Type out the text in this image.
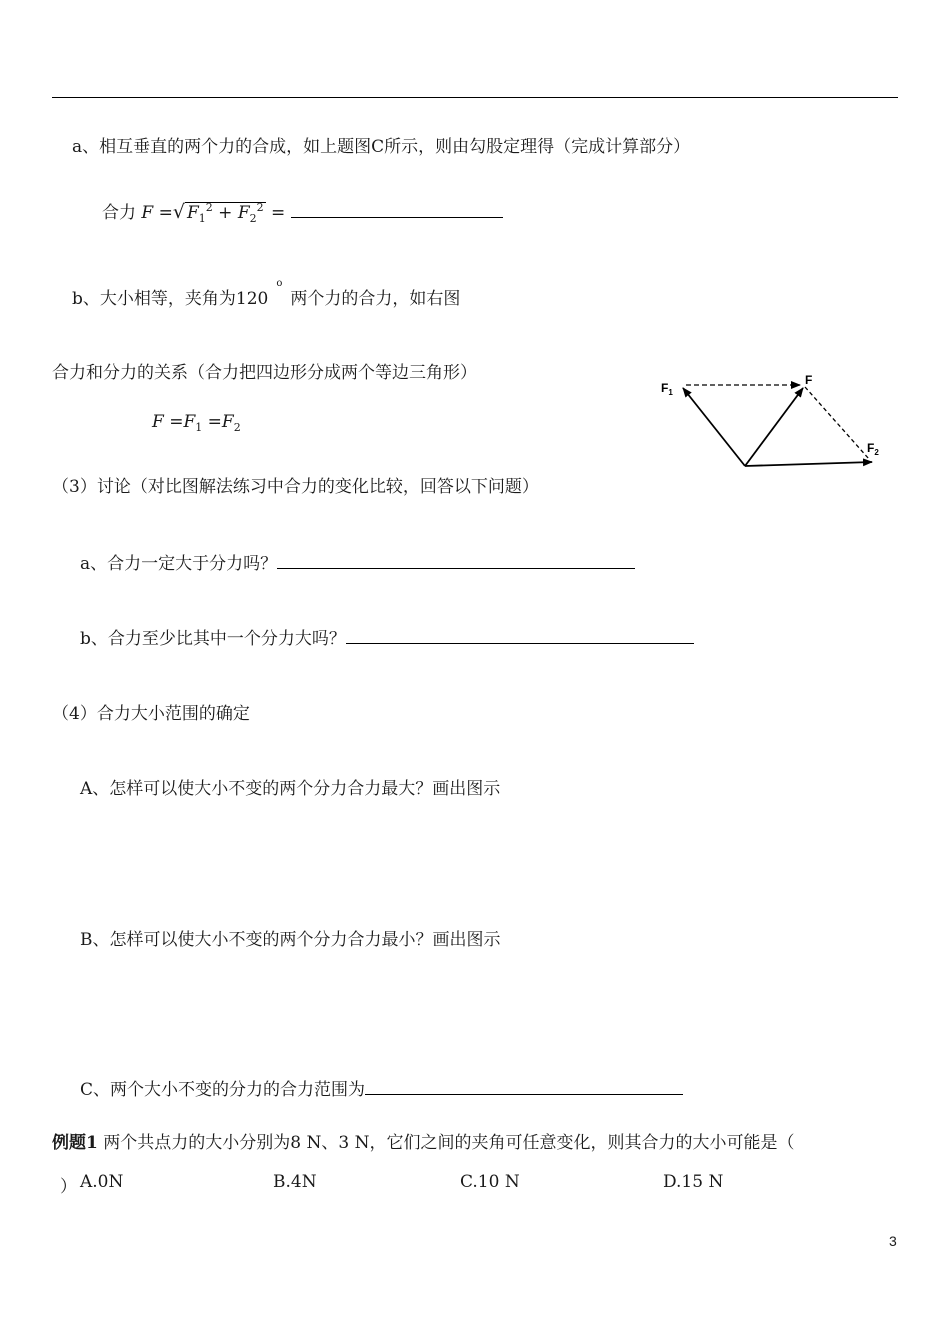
a、相互垂直的两个力的合成，如上题图C所示，则由勾股定理得（完成计算部分）
合力 F =√ $F_1^2 + F_2^2$ =
b、大小相等，夹角为120$^o$两个力的合力，如右图
合力和分力的关系（合力把四边形分成两个等边三角形）
$F =F_1 =F_2$
$F_1$
F
$F_2$
（3）讨论（对比图解法练习中合力的变化比较，回答以下问题）
a、合力一定大于分力吗？
b、合力至少比其中一个分力大吗？
（4）合力大小范围的确定
A、怎样可以使大小不变的两个分力合力最大？画出图示
B、怎样可以使大小不变的两个分力合力最小？画出图示
C、两个大小不变的分力的合力范围为
例题1 两个共点力的大小分别为8 N、3 N，它们之间的夹角可任意变化，则其合力的大小可能是（
） A.0N	B.4N	C.10 N	D.15 N
3
